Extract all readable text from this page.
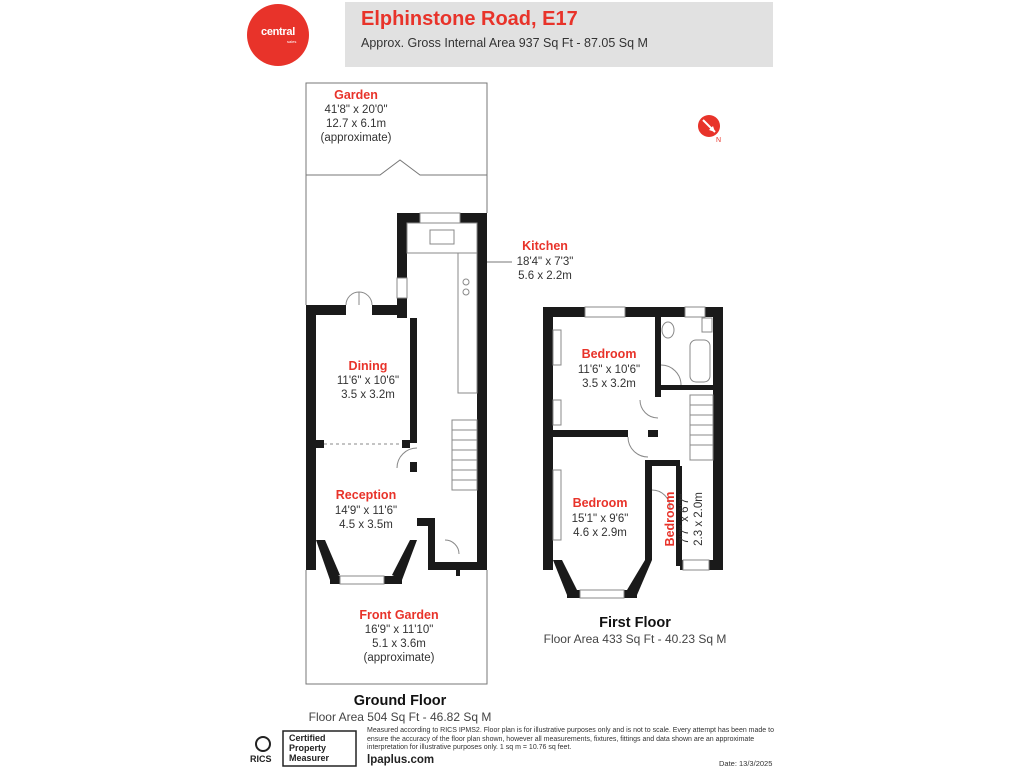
central
sales
Elphinstone Road, E17
Approx. Gross Internal Area 937 Sq Ft - 87.05 Sq M
N
Garden
41'8" x 20'0"
12.7 x 6.1m
(approximate)
Kitchen
18'4" x 7'3"
5.6 x 2.2m
Dining
11'6" x 10'6"
3.5 x 3.2m
Reception
14'9" x 11'6"
4.5 x 3.5m
Front Garden
16'9" x 11'10"
5.1 x 3.6m
(approximate)
Bedroom
11'6" x 10'6"
3.5 x 3.2m
Bedroom
15'1" x 9'6"
4.6 x 2.9m	Bedroom 7'7" x 6'7" 2.3 x 2.0m
Ground Floor
Floor Area 504 Sq Ft - 46.82 Sq M
First Floor
Floor Area 433 Sq Ft - 40.23 Sq M
RICS
Certified
Property
Measurer
Measured according to RICS IPMS2. Floor plan is for illustrative purposes only and is not to scale. Every attempt has been made to ensure the accuracy of the floor plan shown, however all measurements, fixtures, fittings and data shown are an approximate interpretation for illustrative purposes only. 1 sq m = 10.76 sq feet.
lpaplus.com	Date: 13/3/2025
